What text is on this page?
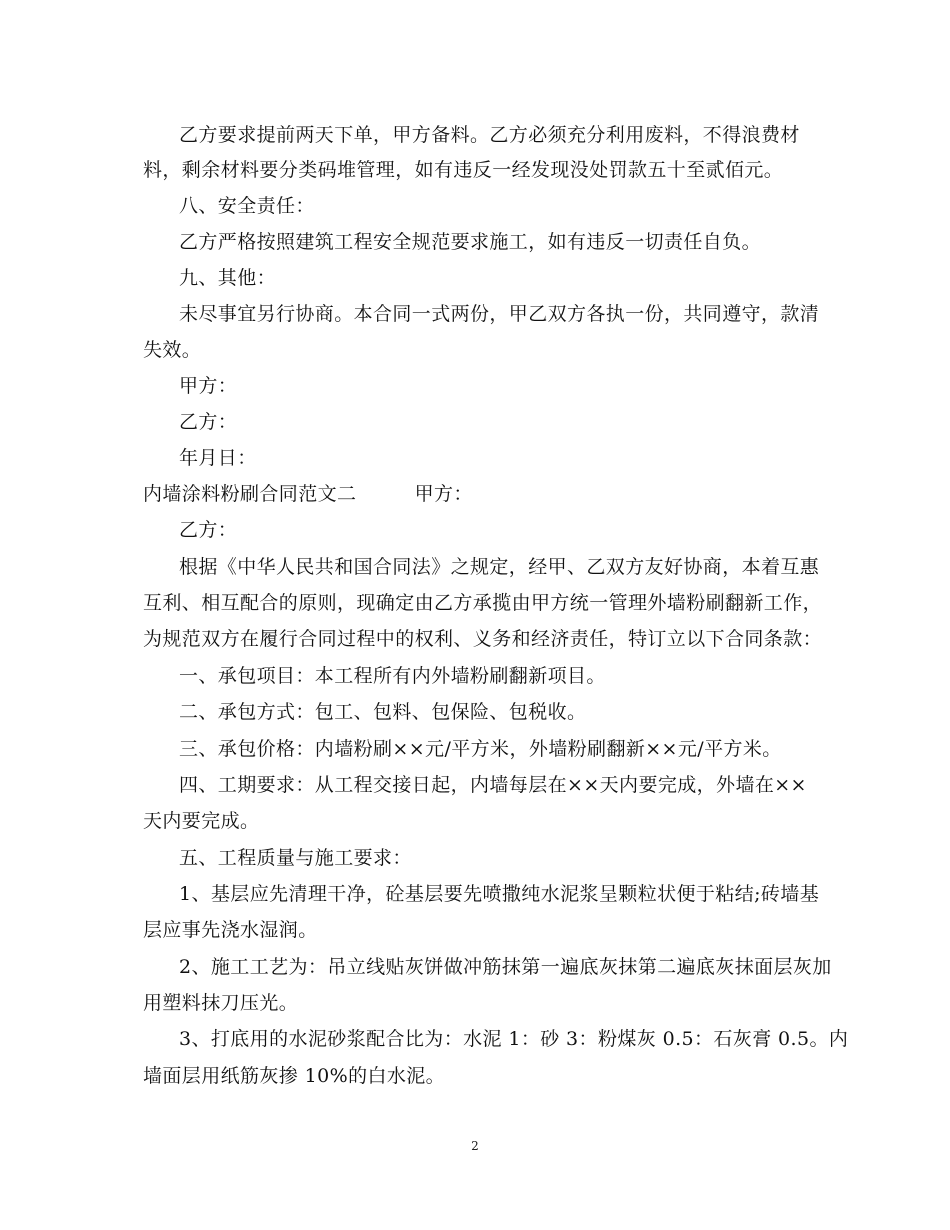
乙方要求提前两天下单，甲方备料。乙方必须充分利用废料，不得浪费材
料，剩余材料要分类码堆管理，如有违反一经发现没处罚款五十至贰佰元。
八、安全责任：
乙方严格按照建筑工程安全规范要求施工，如有违反一切责任自负。
九、其他：
未尽事宜另行协商。本合同一式两份，甲乙双方各执一份，共同遵守，款清
失效。
甲方：
乙方：
年月日：
内墙涂料粉刷合同范文二　　　甲方：
乙方：
根据《中华人民共和国合同法》之规定，经甲、乙双方友好协商，本着互惠
互利、相互配合的原则，现确定由乙方承揽由甲方统一管理外墙粉刷翻新工作，
为规范双方在履行合同过程中的权利、义务和经济责任，特订立以下合同条款：
一、承包项目：本工程所有内外墙粉刷翻新项目。
二、承包方式：包工、包料、包保险、包税收。
三、承包价格：内墙粉刷××元/平方米，外墙粉刷翻新××元/平方米。
四、工期要求：从工程交接日起，内墙每层在××天内要完成，外墙在××
天内要完成。
五、工程质量与施工要求：
1、基层应先清理干净，砼基层要先喷撒纯水泥浆呈颗粒状便于粘结;砖墙基
层应事先浇水湿润。
2、施工工艺为：吊立线贴灰饼做冲筋抹第一遍底灰抹第二遍底灰抹面层灰加
用塑料抹刀压光。
3、打底用的水泥砂浆配合比为：水泥 1：砂 3：粉煤灰 0.5：石灰膏 0.5。内
墙面层用纸筋灰掺 10%的白水泥。
2
